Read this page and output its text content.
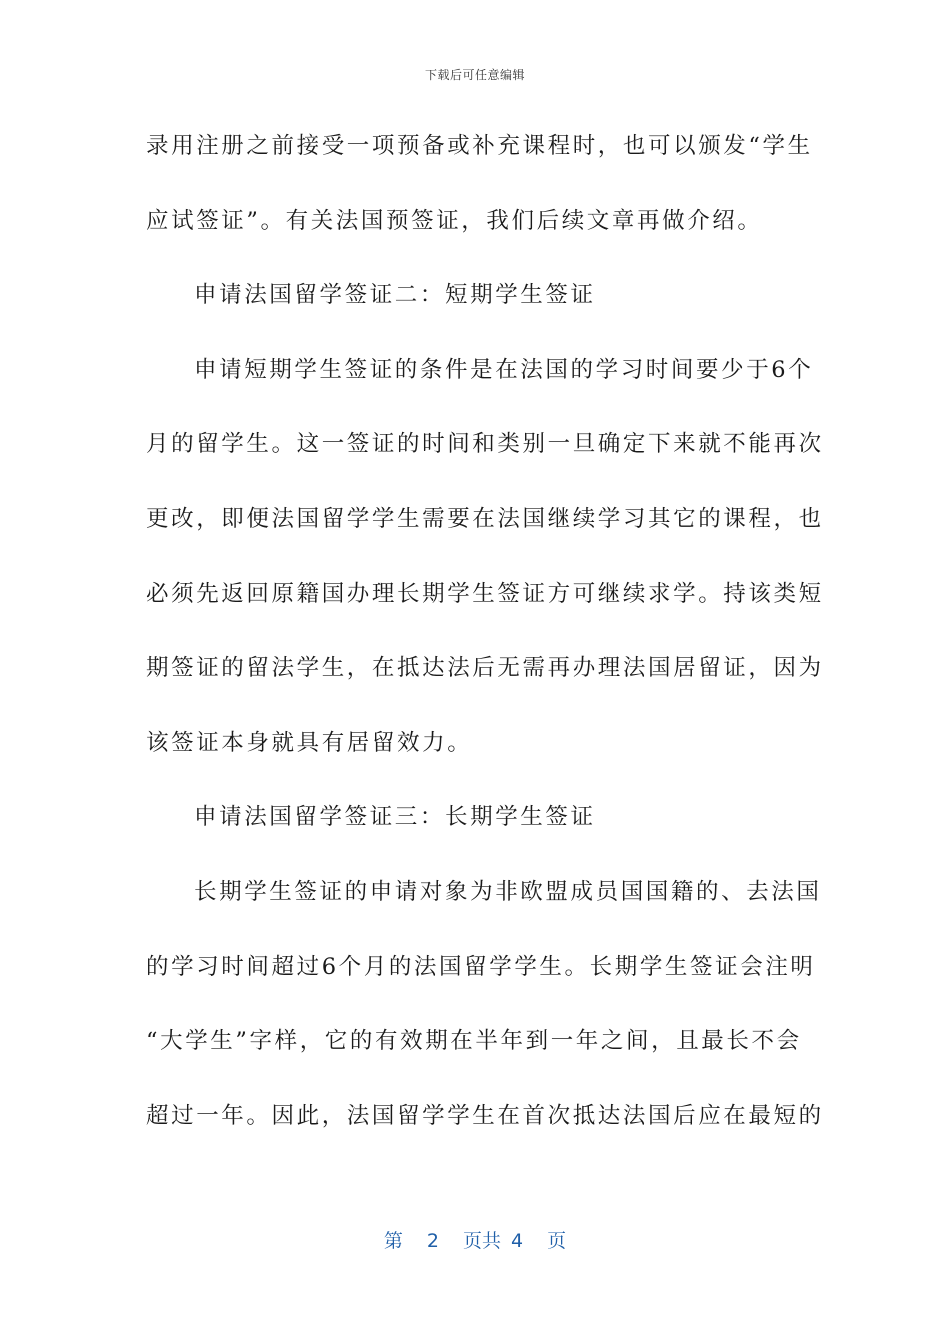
下载后可任意编辑
录用注册之前接受一项预备或补充课程时，也可以颁发“学生
应试签证”。有关法国预签证，我们后续文章再做介绍。
申请法国留学签证二：短期学生签证
申请短期学生签证的条件是在法国的学习时间要少于6个
月的留学生。这一签证的时间和类别一旦确定下来就不能再次
更改，即便法国留学学生需要在法国继续学习其它的课程，也
必须先返回原籍国办理长期学生签证方可继续求学。持该类短
期签证的留法学生，在抵达法后无需再办理法国居留证，因为
该签证本身就具有居留效力。
申请法国留学签证三：长期学生签证
长期学生签证的申请对象为非欧盟成员国国籍的、去法国
的学习时间超过6个月的法国留学学生。长期学生签证会注明
“大学生”字样，它的有效期在半年到一年之间，且最长不会
超过一年。因此，法国留学学生在首次抵达法国后应在最短的
第 2 页共 4 页
